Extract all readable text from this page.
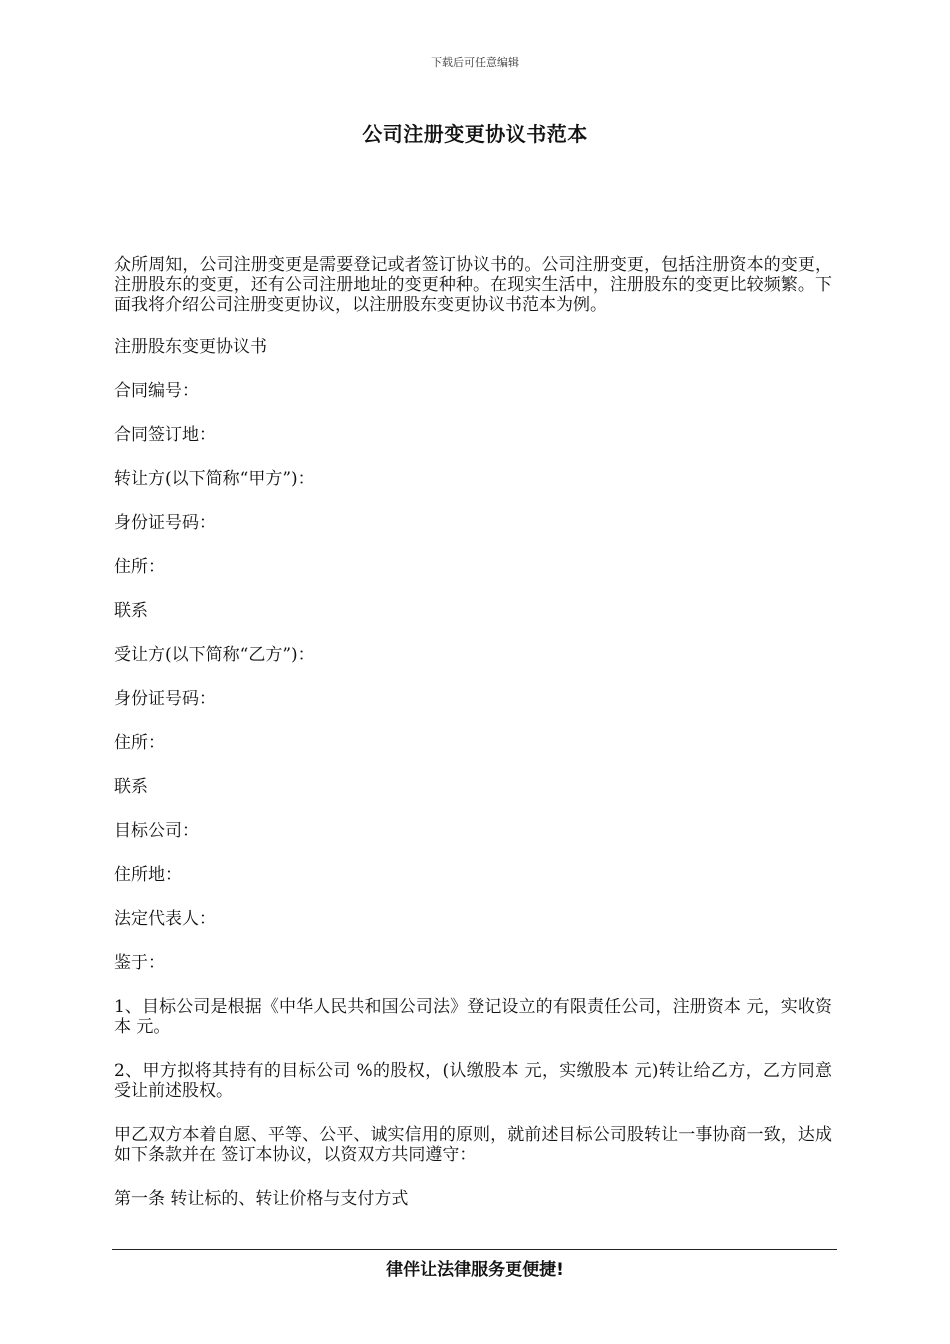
下载后可任意编辑
公司注册变更协议书范本

众所周知，公司注册变更是需要登记或者签订协议书的。公司注册变更，包括注册资本的变更，注册股东的变更，还有公司注册地址的变更种种。在现实生活中，注册股东的变更比较频繁。下面我将介绍公司注册变更协议，以注册股东变更协议书范本为例。

注册股东变更协议书

合同编号：

合同签订地：

转让方(以下简称“甲方”)：

身份证号码：

住所：

联系

受让方(以下简称“乙方”)：

身份证号码：

住所：

联系

目标公司：

住所地：

法定代表人：

鉴于：

1、目标公司是根据《中华人民共和国公司法》登记设立的有限责任公司，注册资本 元，实收资本 元。

2、甲方拟将其持有的目标公司 %的股权，(认缴股本 元，实缴股本 元)转让给乙方，乙方同意受让前述股权。

甲乙双方本着自愿、平等、公平、诚实信用的原则，就前述目标公司股转让一事协商一致，达成如下条款并在 签订本协议，以资双方共同遵守：

第一条 转让标的、转让价格与支付方式

律伴让法律服务更便捷!
